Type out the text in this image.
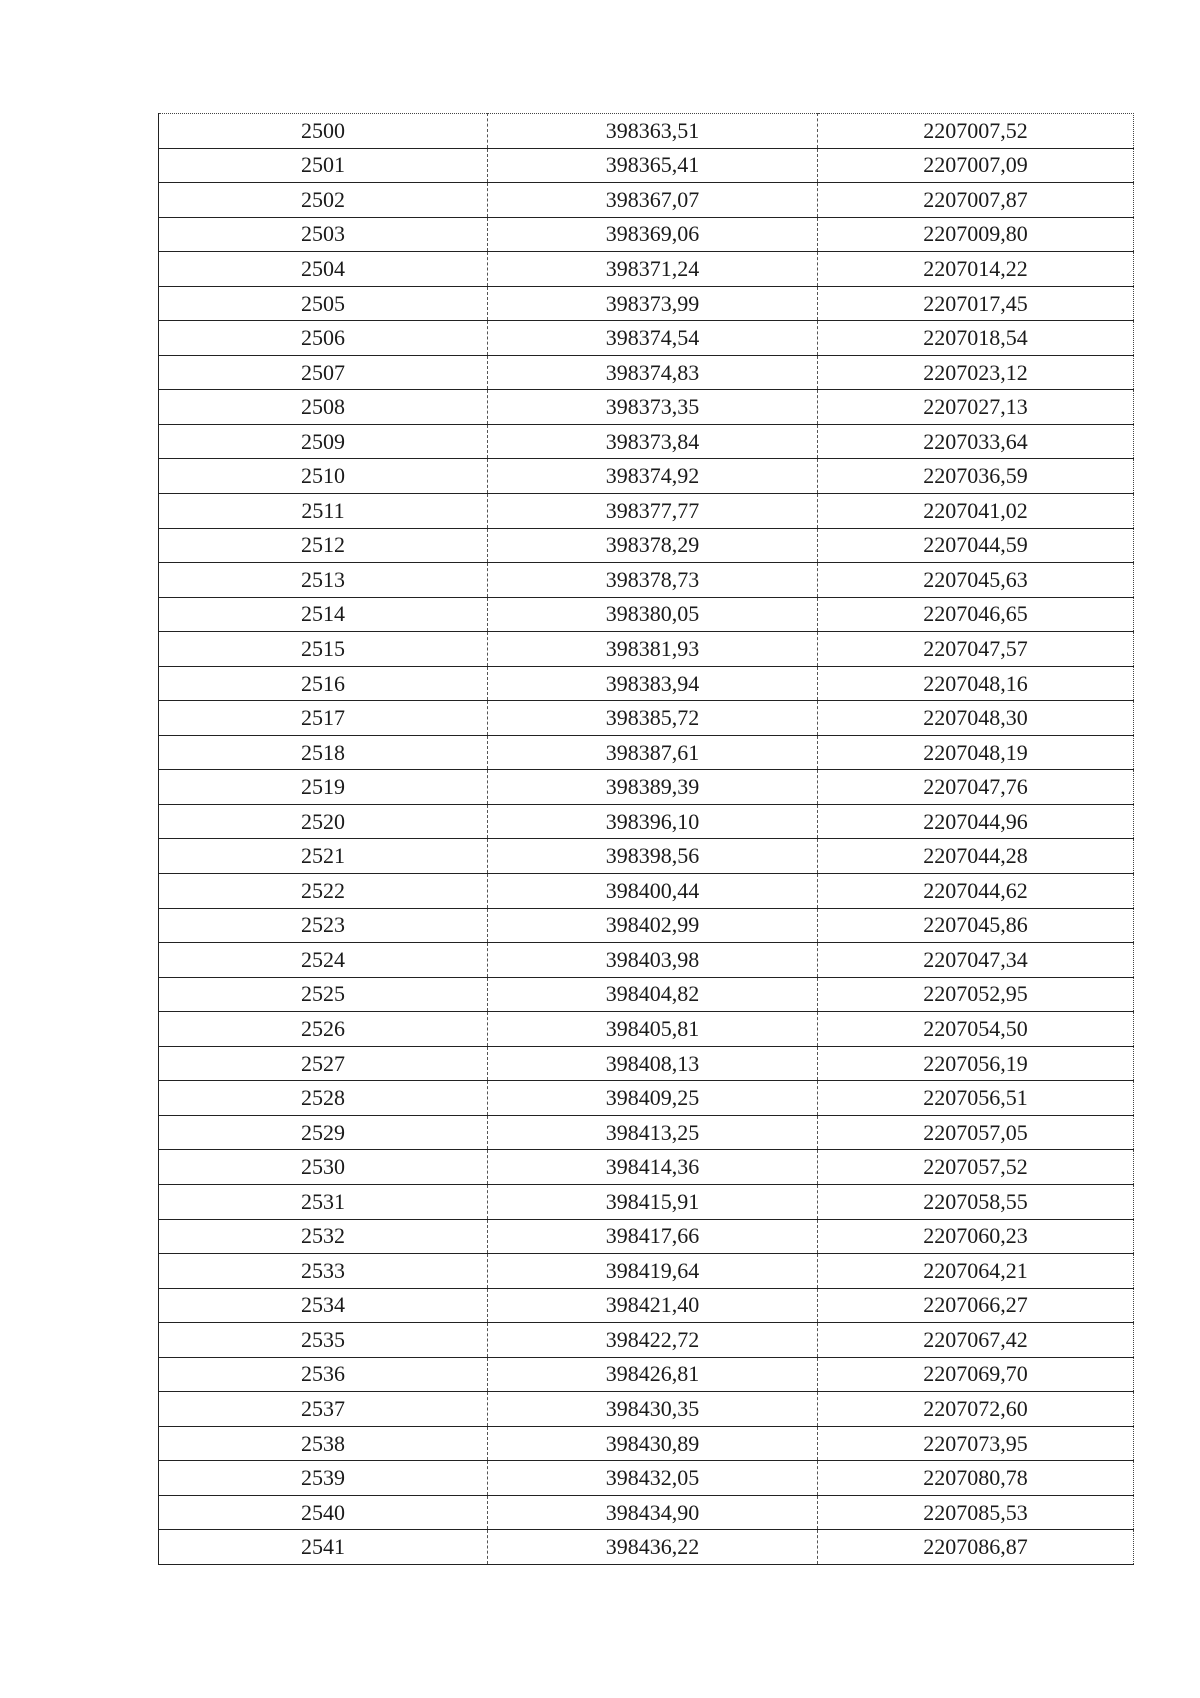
2500	398363,51	2207007,52
2501	398365,41	2207007,09
2502	398367,07	2207007,87
2503	398369,06	2207009,80
2504	398371,24	2207014,22
2505	398373,99	2207017,45
2506	398374,54	2207018,54
2507	398374,83	2207023,12
2508	398373,35	2207027,13
2509	398373,84	2207033,64
2510	398374,92	2207036,59
2511	398377,77	2207041,02
2512	398378,29	2207044,59
2513	398378,73	2207045,63
2514	398380,05	2207046,65
2515	398381,93	2207047,57
2516	398383,94	2207048,16
2517	398385,72	2207048,30
2518	398387,61	2207048,19
2519	398389,39	2207047,76
2520	398396,10	2207044,96
2521	398398,56	2207044,28
2522	398400,44	2207044,62
2523	398402,99	2207045,86
2524	398403,98	2207047,34
2525	398404,82	2207052,95
2526	398405,81	2207054,50
2527	398408,13	2207056,19
2528	398409,25	2207056,51
2529	398413,25	2207057,05
2530	398414,36	2207057,52
2531	398415,91	2207058,55
2532	398417,66	2207060,23
2533	398419,64	2207064,21
2534	398421,40	2207066,27
2535	398422,72	2207067,42
2536	398426,81	2207069,70
2537	398430,35	2207072,60
2538	398430,89	2207073,95
2539	398432,05	2207080,78
2540	398434,90	2207085,53
2541	398436,22	2207086,87
